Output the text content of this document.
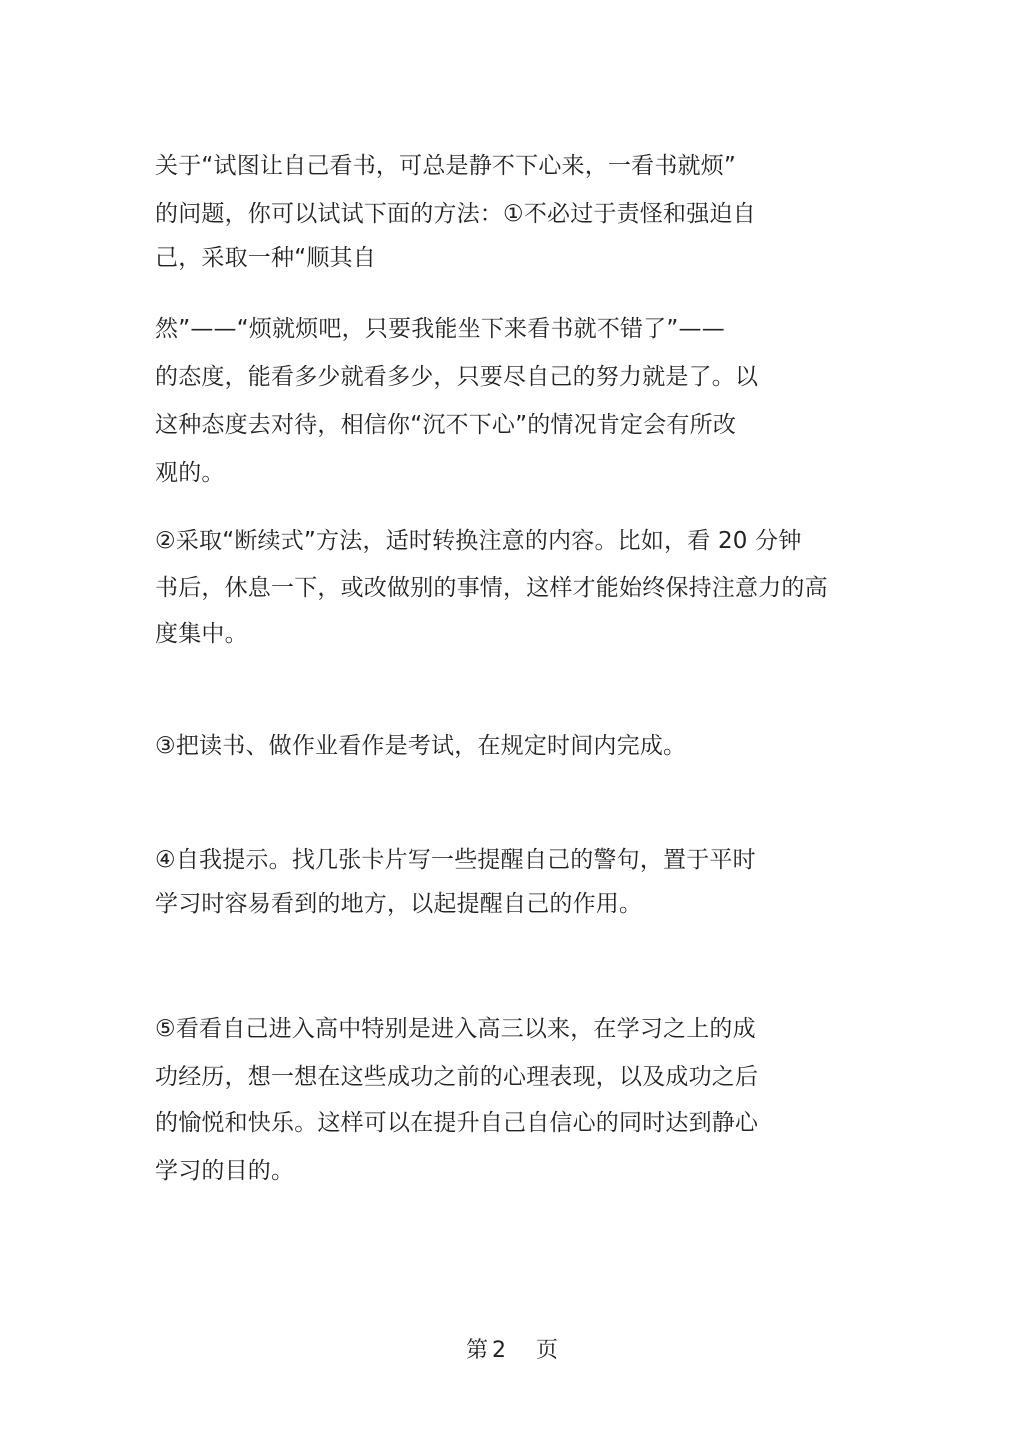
关于“试图让自己看书，可总是静不下心来，一看书就烦”

的问题，你可以试试下面的方法：①不必过于责怪和强迫自

己，采取一种“顺其自

然”——“烦就烦吧，只要我能坐下来看书就不错了”——

的态度，能看多少就看多少，只要尽自己的努力就是了。以

这种态度去对待，相信你“沉不下心”的情况肯定会有所改

观的。

②采取“断续式”方法，适时转换注意的内容。比如，看 20 分钟

书后，休息一下，或改做别的事情，这样才能始终保持注意力的高

度集中。

③把读书、做作业看作是考试，在规定时间内完成。

④自我提示。找几张卡片写一些提醒自己的警句，置于平时

学习时容易看到的地方，以起提醒自己的作用。

⑤看看自己进入高中特别是进入高三以来，在学习之上的成

功经历，想一想在这些成功之前的心理表现，以及成功之后

的愉悦和快乐。这样可以在提升自己自信心的同时达到静心

学习的目的。

第 2 页
